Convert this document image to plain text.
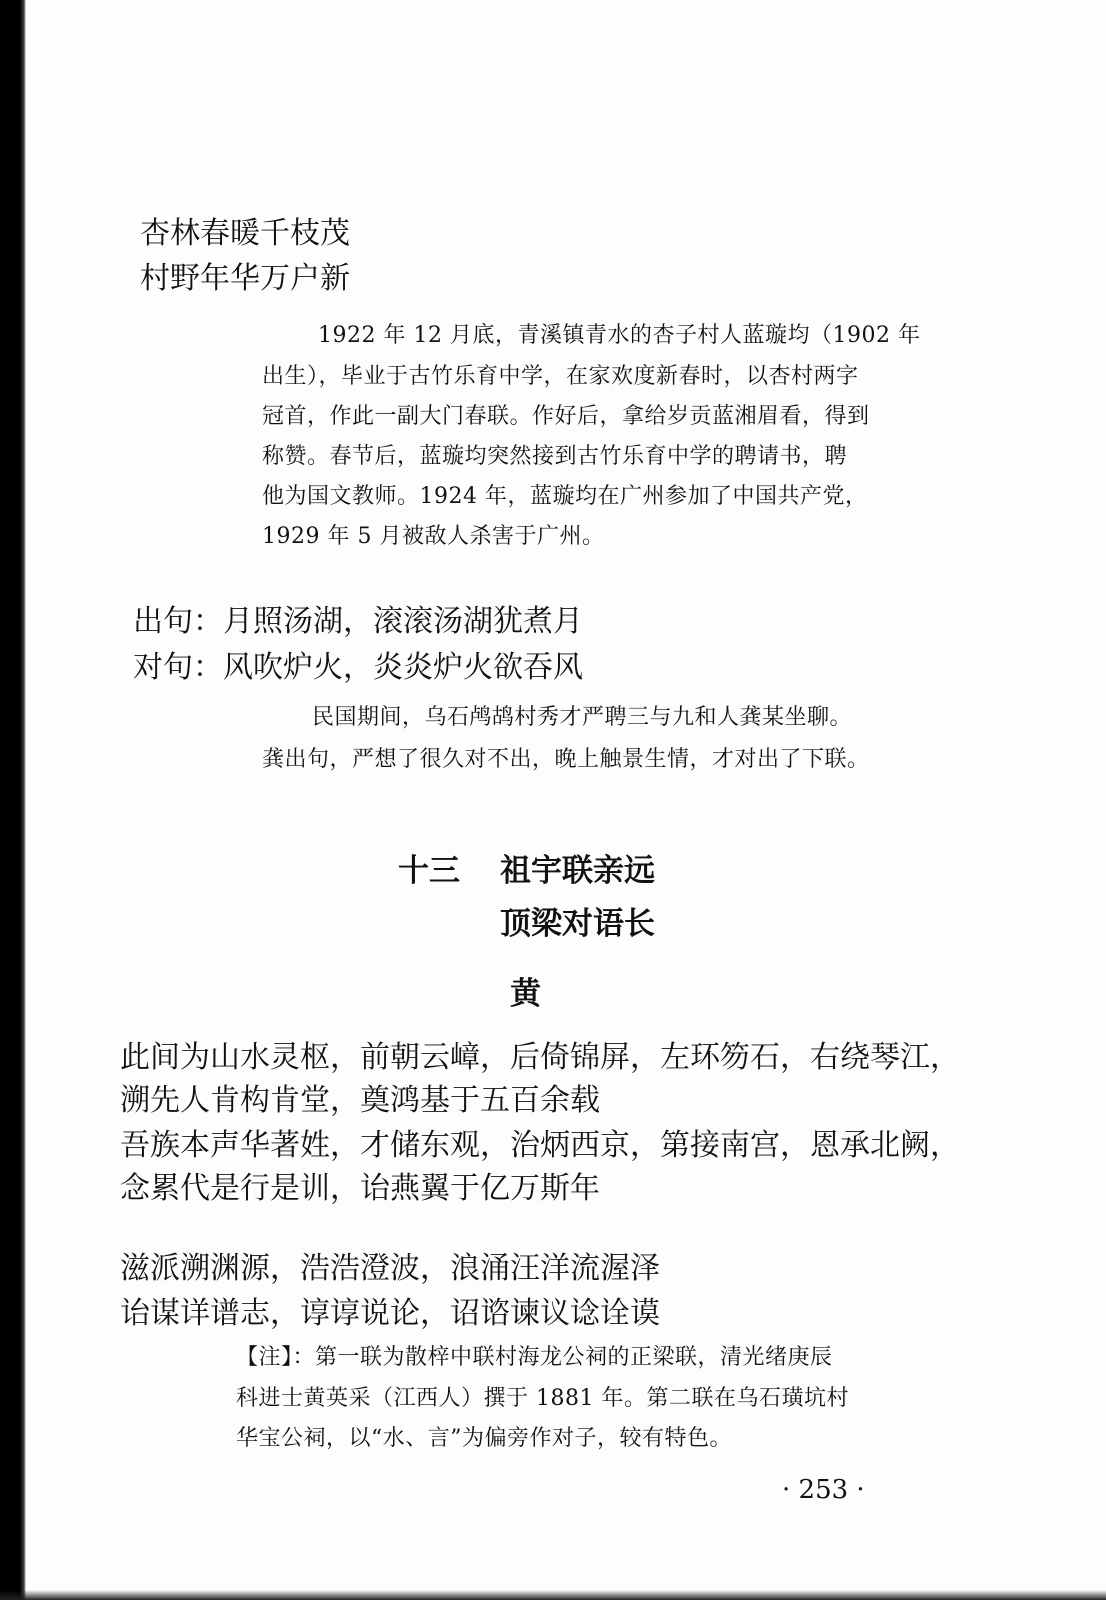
杏林春暖千枝茂
村野年华万户新
1922 年 12 月底，青溪镇青水的杏子村人蓝璇均（1902 年
出生），毕业于古竹乐育中学，在家欢度新春时，以杏村两字
冠首，作此一副大门春联。作好后，拿给岁贡蓝湘眉看，得到
称赞。春节后，蓝璇均突然接到古竹乐育中学的聘请书，聘
他为国文教师。1924 年，蓝璇均在广州参加了中国共产党，
1929 年 5 月被敌人杀害于广州。
出句：月照汤湖，滚滚汤湖犹煮月
对句：风吹炉火，炎炎炉火欲吞风
民国期间，乌石鸬鸪村秀才严聘三与九和人龚某坐聊。
龚出句，严想了很久对不出，晚上触景生情，才对出了下联。
十三 祖宇联亲远
顶梁对语长
黄
此间为山水灵枢，前朝云嶂，后倚锦屏，左环笏石，右绕琴江，
溯先人肯构肯堂，奠鸿基于五百余载
吾族本声华著姓，才储东观，治炳西京，第接南宫，恩承北阙，
念累代是行是训，诒燕翼于亿万斯年
滋派溯渊源，浩浩澄波，浪涌汪洋流渥泽
诒谋详谱志，谆谆说论，诏谘谏议谂诠谟
【注】：第一联为散梓中联村海龙公祠的正梁联，清光绪庚辰
科进士黄英采（江西人）撰于 1881 年。第二联在乌石璜坑村
华宝公祠，以“水、言”为偏旁作对子，较有特色。
· 253 ·
